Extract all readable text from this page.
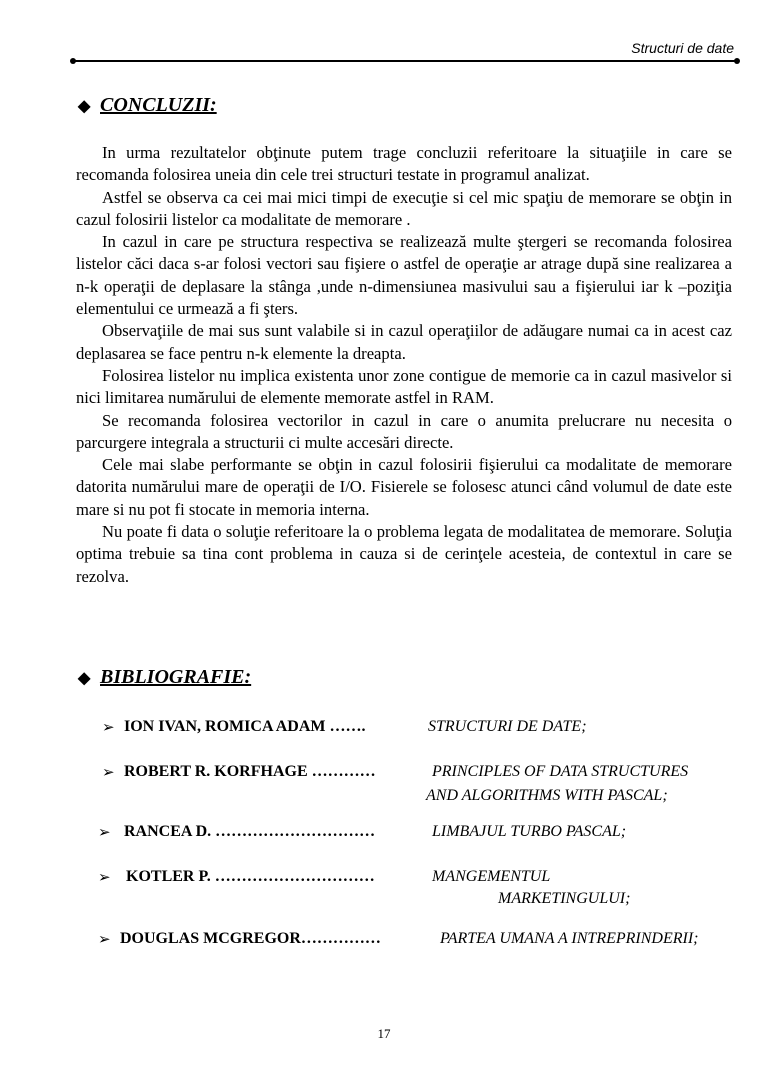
Structuri de date
◆ CONCLUZII:

In urma rezultatelor obţinute putem trage concluzii referitoare la situaţiile in care se recomanda folosirea uneia din cele trei structuri testate in programul analizat.

Astfel se observa ca cei mai mici timpi de execuţie si cel mic spaţiu de memorare se obţin in cazul folosirii listelor ca modalitate de memorare .

In cazul in care pe structura respectiva se realizează multe ştergeri se recomanda folosirea listelor căci daca s-ar folosi vectori sau fişiere o astfel de operaţie ar atrage după sine realizarea a n-k operaţii de deplasare la stânga ,unde n-dimensiunea masivului sau a fişierului iar k –poziţia elementului ce urmează a fi şters.

Observaţiile de mai sus sunt valabile si in cazul operaţiilor de adăugare numai ca in acest caz deplasarea se face pentru n-k elemente la dreapta.

Folosirea listelor nu implica existenta unor zone contigue de memorie ca in cazul masivelor si nici limitarea numărului de elemente memorate astfel in RAM.

Se recomanda folosirea vectorilor in cazul in care o anumita prelucrare nu necesita o parcurgere integrala a structurii ci multe accesări directe.

Cele mai slabe performante se obţin in cazul folosirii fişierului ca modalitate de memorare datorita numărului mare de operaţii de I/O. Fisierele se folosesc atunci când volumul de date este mare si nu pot fi stocate in memoria interna.

Nu poate fi data o soluţie referitoare la o problema legata de modalitatea de memorare. Soluţia optima trebuie sa tina cont problema in cauza si de cerinţele acesteia, de contextul in care se rezolva.

◆ BIBLIOGRAFIE:
➢ ION IVAN, ROMICA ADAM …….	STRUCTURI DE DATE;
➢ ROBERT R. KORFHAGE …………	PRINCIPLES OF DATA STRUCTURES
AND ALGORITHMS WITH PASCAL;
➢ RANCEA D. …………………………	LIMBAJUL TURBO PASCAL;
➢ KOTLER P. …………………………	MANGEMENTUL
MARKETINGULUI;
➢ DOUGLAS MCGREGOR……………	PARTEA UMANA A INTREPRINDERII;
17
